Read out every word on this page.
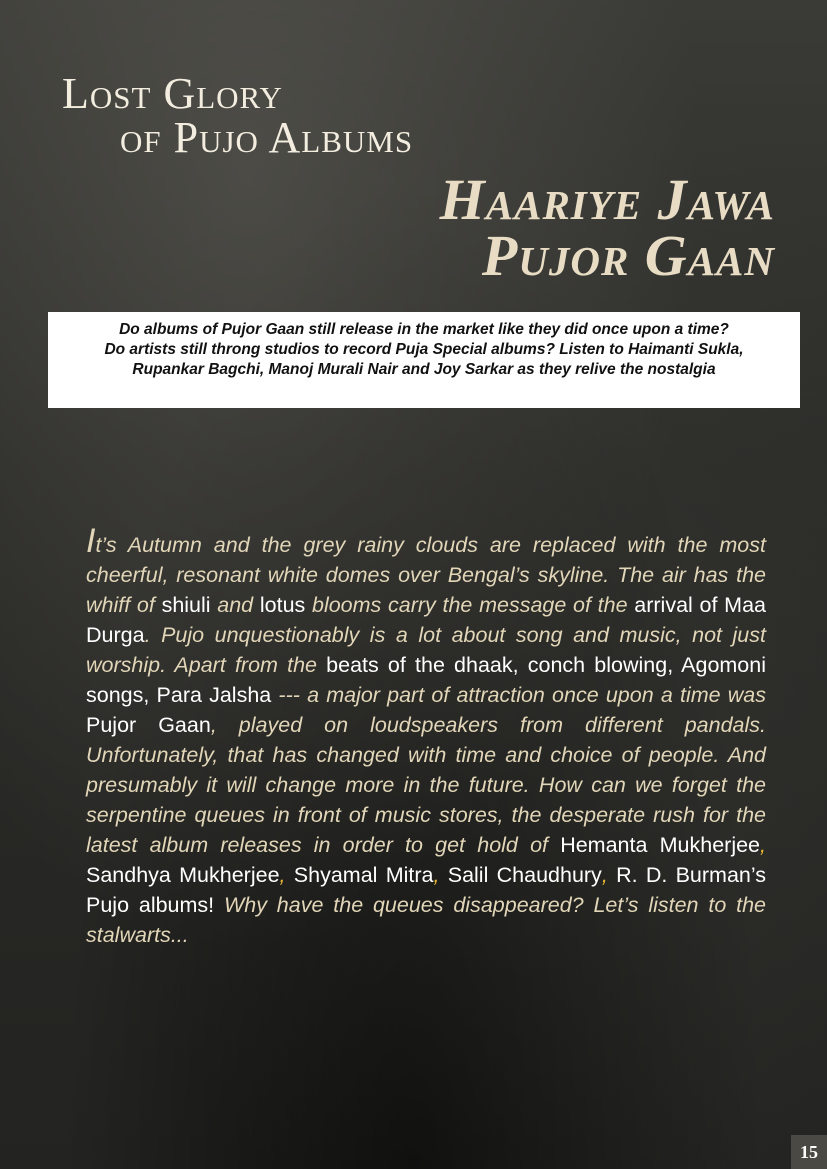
Lost Glory
of Pujo Albums
Haariye Jawa
Pujor Gaan
Do albums of Pujor Gaan still release in the market like they did once upon a time?
Do artists still throng studios to record Puja Special albums? Listen to Haimanti Sukla,
Rupankar Bagchi, Manoj Murali Nair and Joy Sarkar as they relive the nostalgia

It’s Autumn and the grey rainy clouds are replaced with the most cheerful, resonant white domes over Bengal’s skyline. The air has the whiff of shiuli and lotus blooms carry the message of the arrival of Maa Durga. Pujo unquestionably is a lot about song and music, not just worship. Apart from the beats of the dhaak, conch blowing, Agomoni songs, Para Jalsha --- a major part of attraction once upon a time was Pujor Gaan, played on loudspeakers from different pandals. Unfortunately, that has changed with time and choice of people. And presumably it will change more in the future. How can we forget the serpentine queues in front of music stores, the desperate rush for the latest album releases in order to get hold of Hemanta Mukherjee, Sandhya Mukherjee, Shyamal Mitra, Salil Chaudhury, R. D. Burman’s Pujo albums! Why have the queues disappeared? Let’s listen to the stalwarts...

15
